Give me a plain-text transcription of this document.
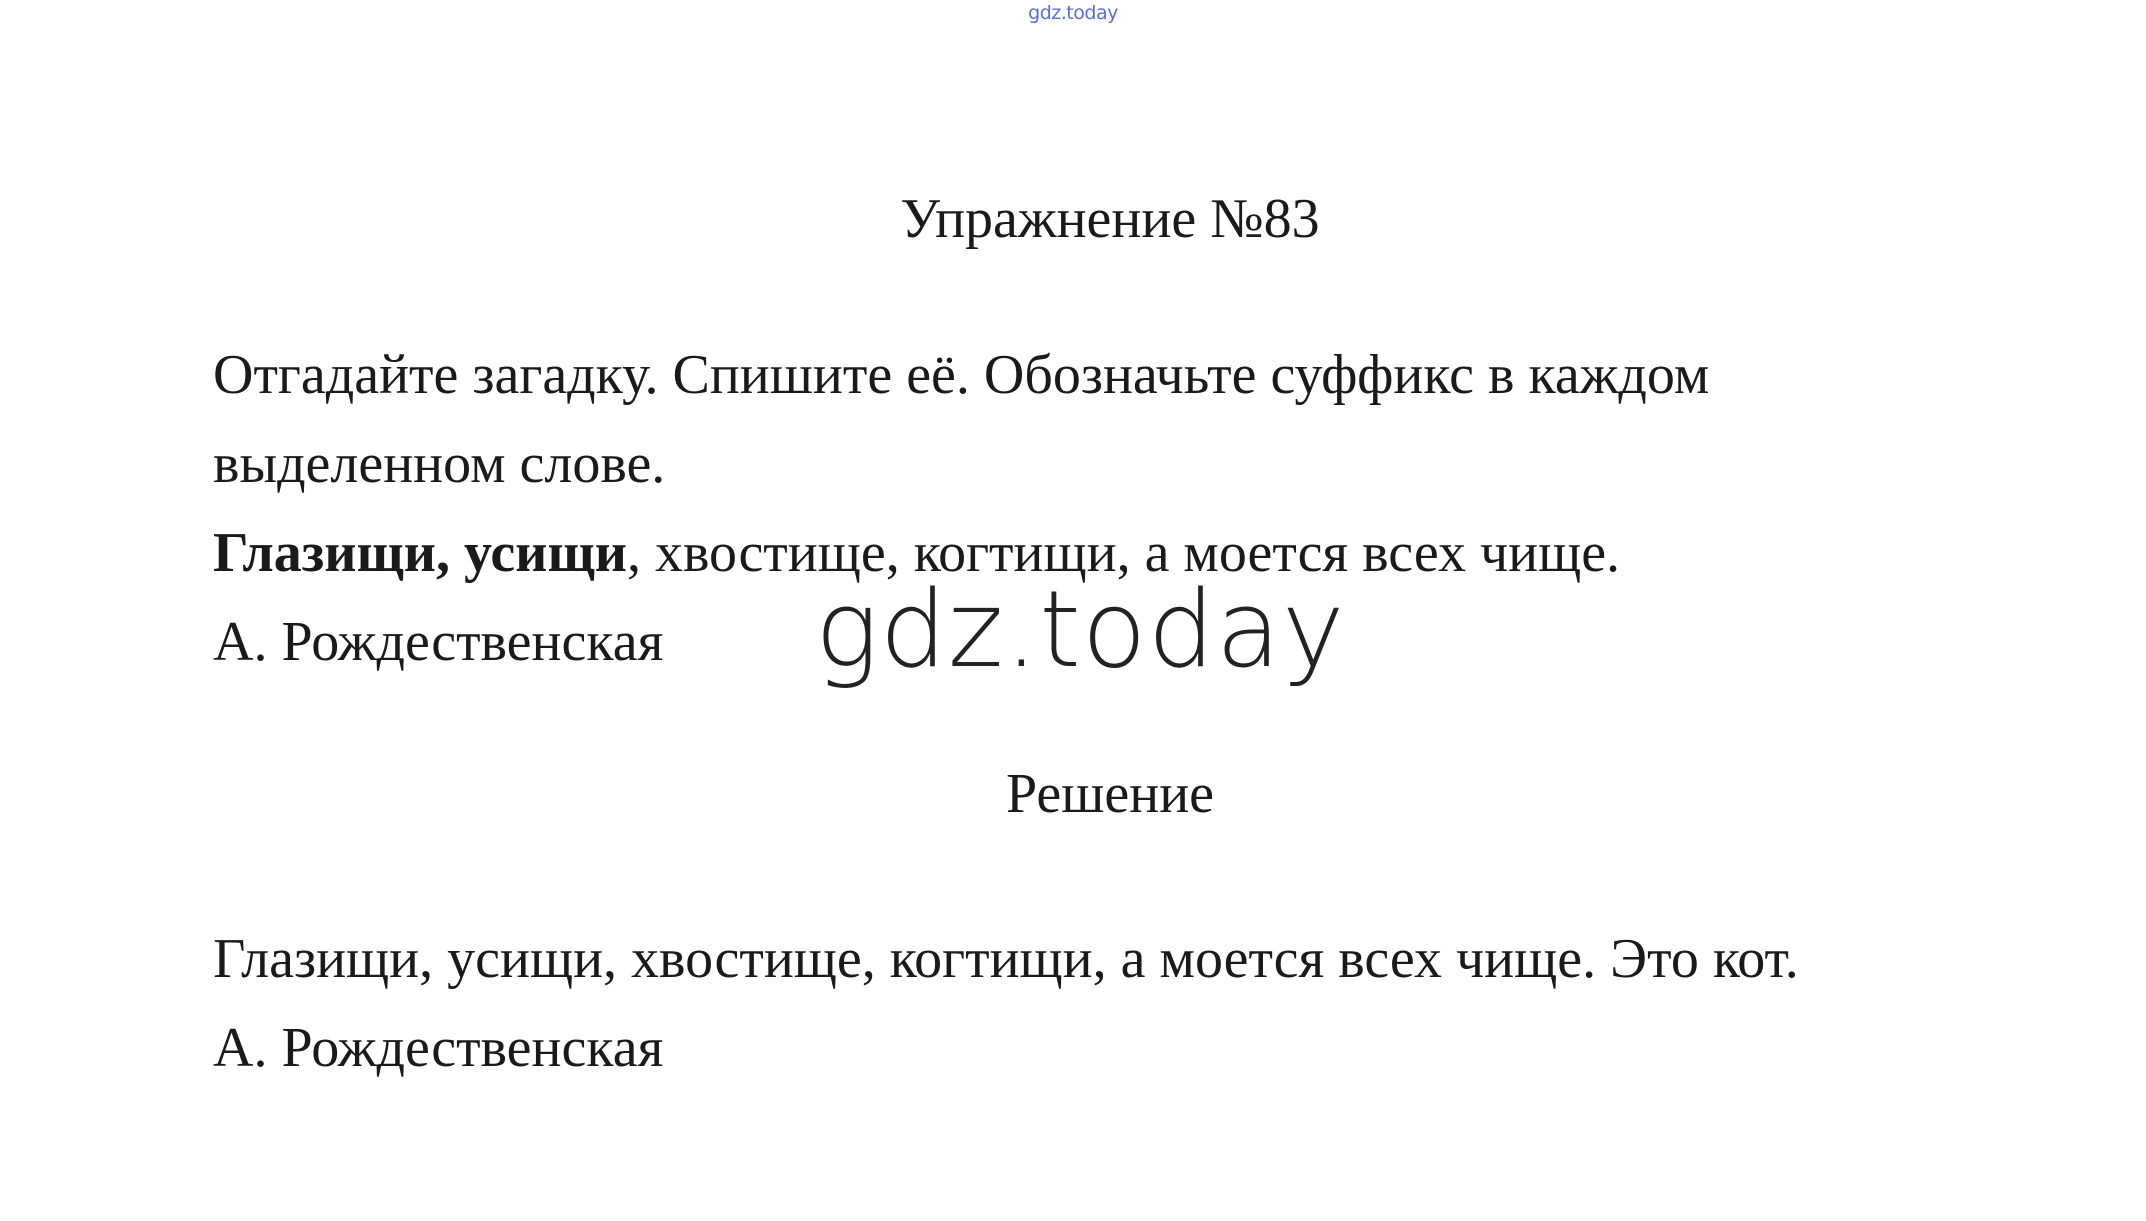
gdz.today
Упражнение №83
Отгадайте загадку. Спишите её. Обозначьте суффикс в каждом
выделенном слове.
Глазищи, усищи, хвостище, когтищи, а моется всех чище.
А. Рождественская	gdz.today
Решение
Глазищи, усищи, хвостище, когтищи, а моется всех чище. Это кот.
А. Рождественская
